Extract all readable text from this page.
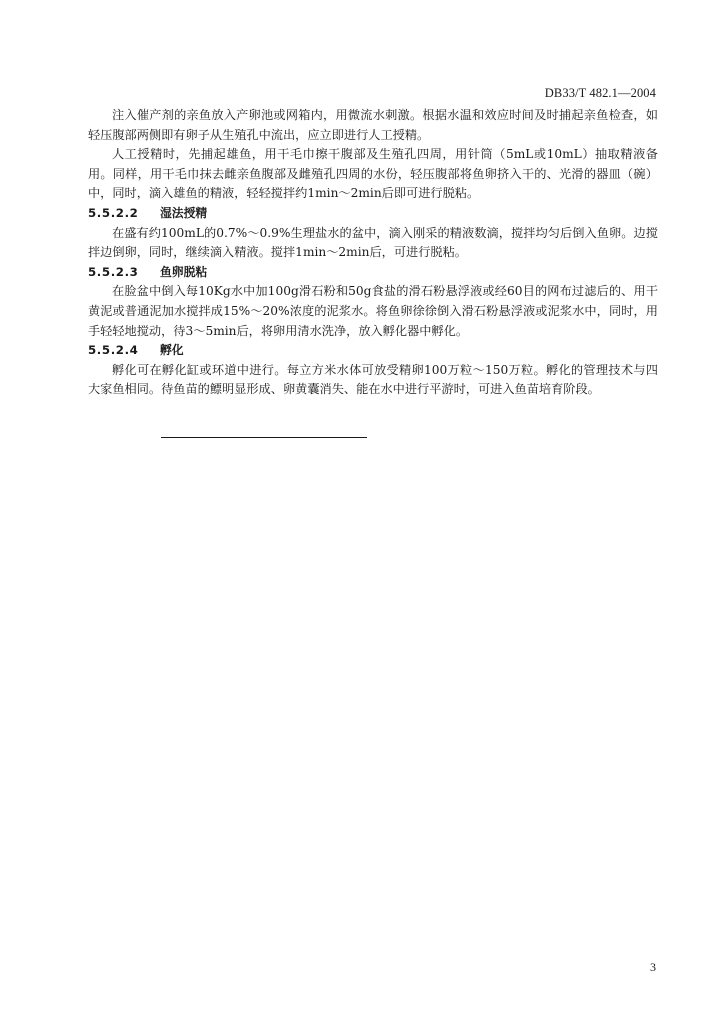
DB33/T 482.1—2004

注入催产剂的亲鱼放入产卵池或网箱内，用微流水刺激。根据水温和效应时间及时捕起亲鱼检查，如轻压腹部两侧即有卵子从生殖孔中流出，应立即进行人工授精。

人工授精时，先捕起雄鱼，用干毛巾擦干腹部及生殖孔四周，用针筒（5mL或10mL）抽取精液备用。同样，用干毛巾抹去雌亲鱼腹部及雌殖孔四周的水份，轻压腹部将鱼卵挤入干的、光滑的器皿（碗）中，同时，滴入雄鱼的精液，轻轻搅拌约1min～2min后即可进行脱粘。

5.5.2.2 湿法授精

在盛有约100mL的0.7%～0.9%生理盐水的盆中，滴入刚采的精液数滴，搅拌均匀后倒入鱼卵。边搅拌边倒卵，同时，继续滴入精液。搅拌1min～2min后，可进行脱粘。

5.5.2.3 鱼卵脱粘

在脸盆中倒入每10Kg水中加100g滑石粉和50g食盐的滑石粉悬浮液或经60目的网布过滤后的、用干黄泥或普通泥加水搅拌成15%～20%浓度的泥浆水。将鱼卵徐徐倒入滑石粉悬浮液或泥浆水中，同时，用手轻轻地搅动，待3～5min后，将卵用清水洗净，放入孵化器中孵化。

5.5.2.4 孵化

孵化可在孵化缸或环道中进行。每立方米水体可放受精卵100万粒～150万粒。孵化的管理技术与四大家鱼相同。待鱼苗的鳔明显形成、卵黄囊消失、能在水中进行平游时，可进入鱼苗培育阶段。

3
